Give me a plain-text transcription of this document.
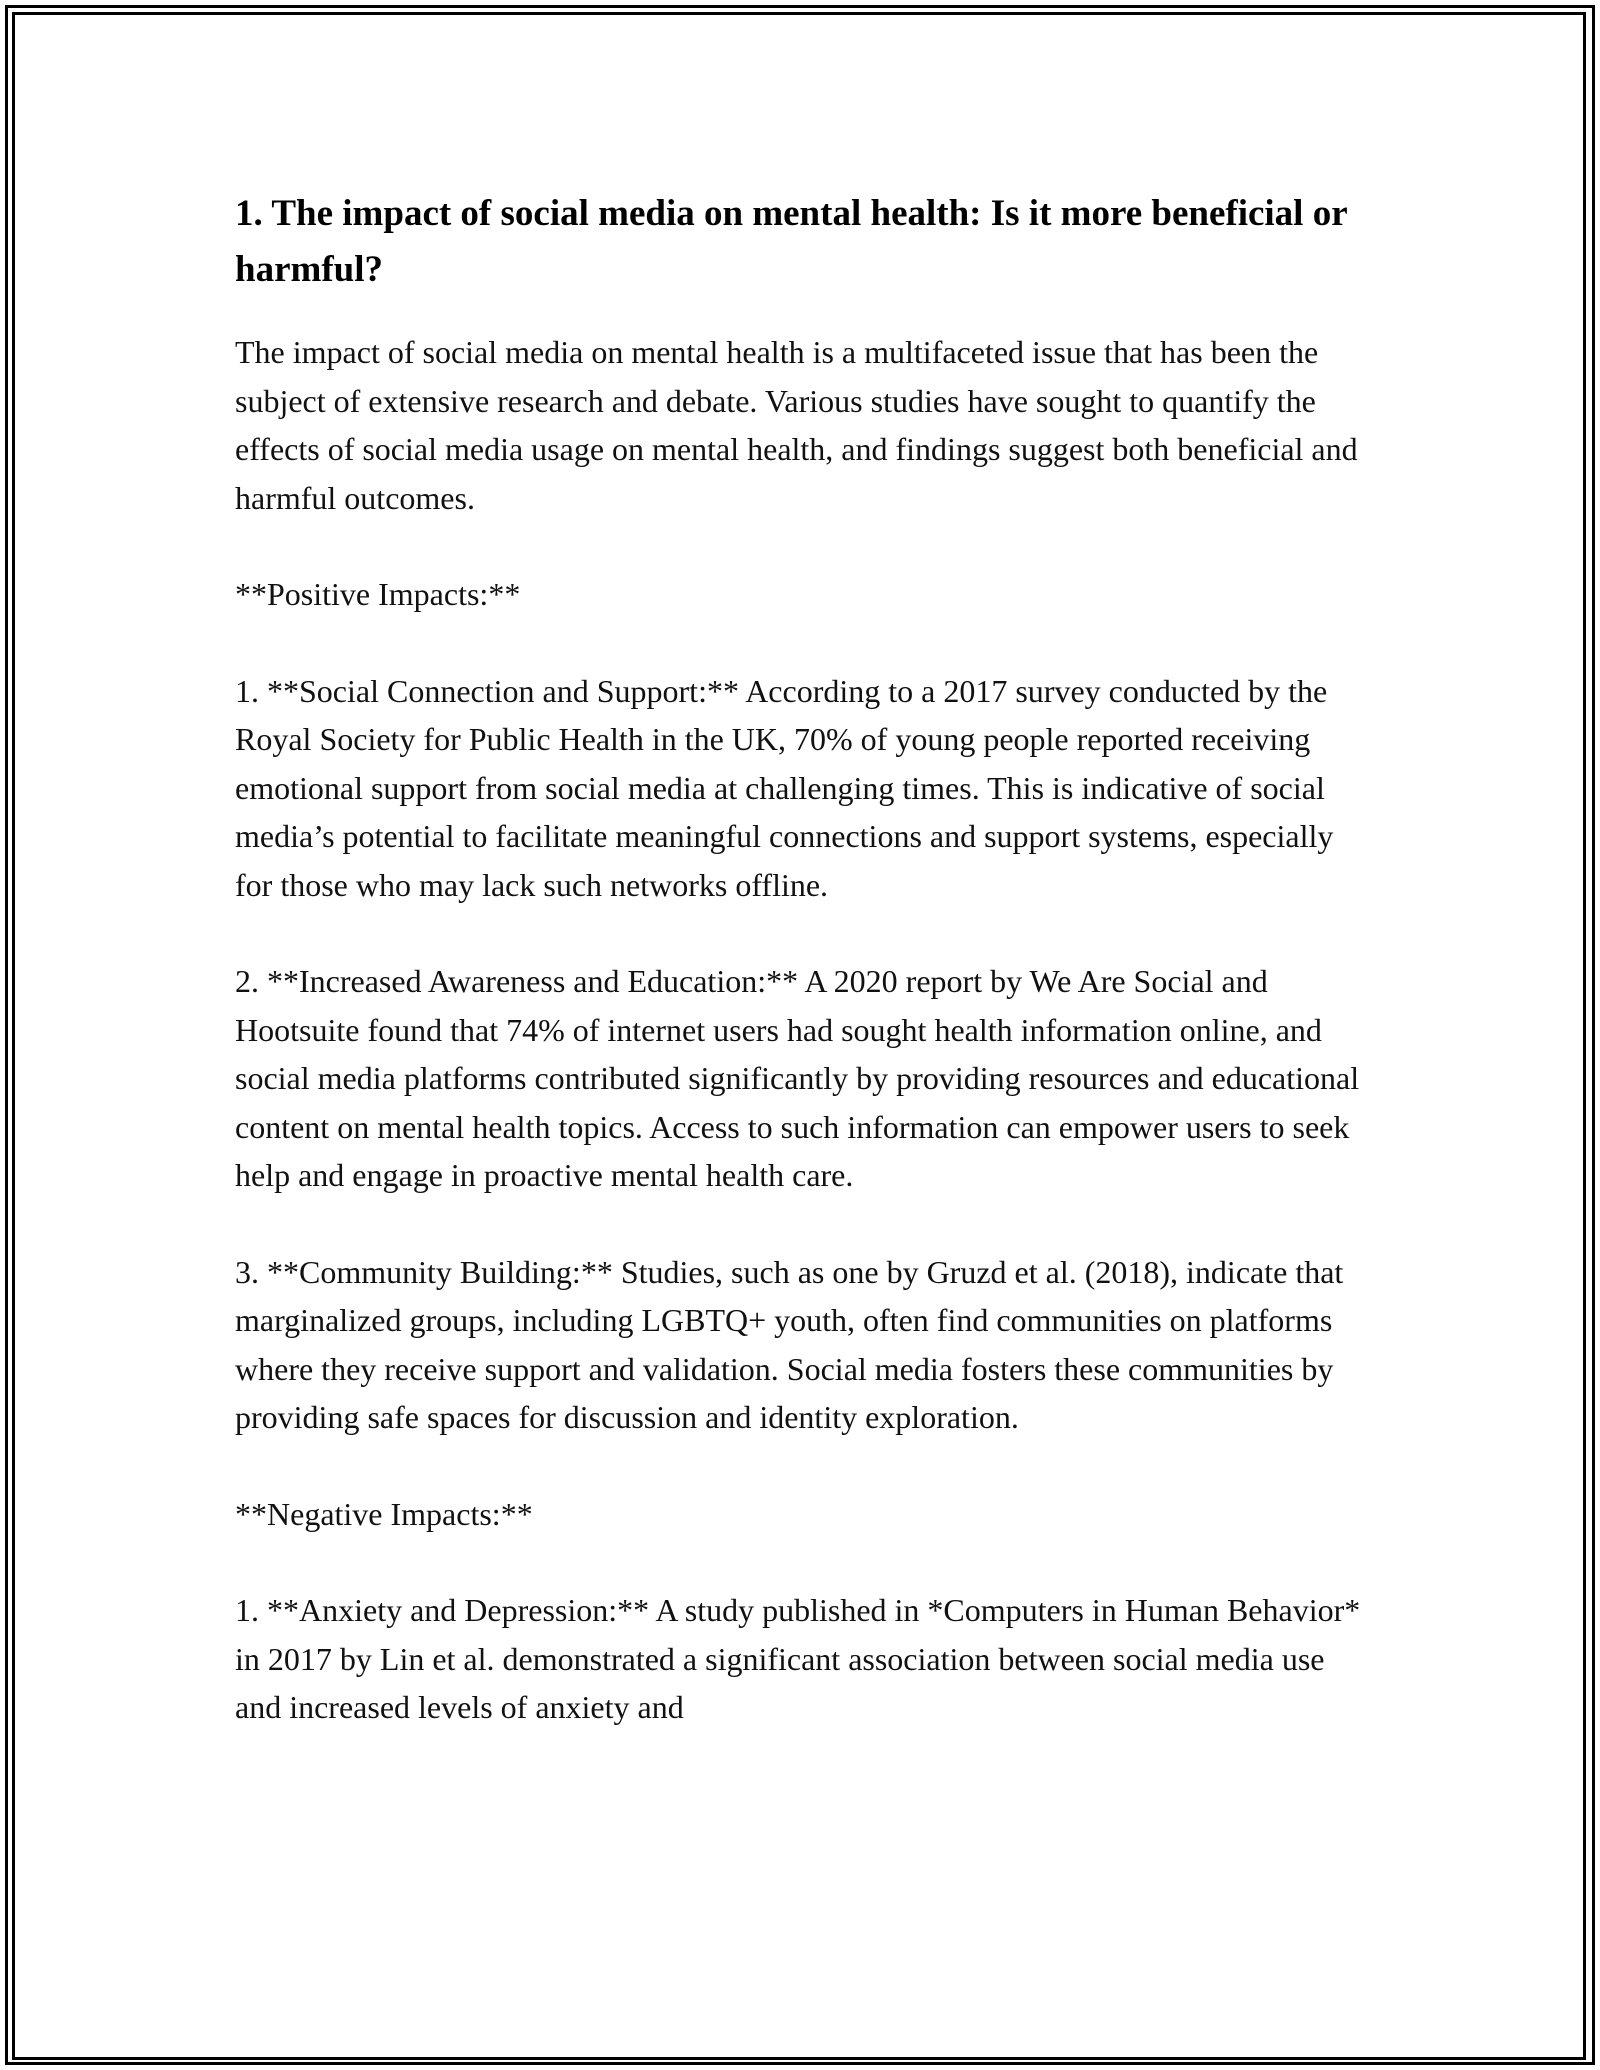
1. The impact of social media on mental health: Is it more beneficial or harmful?

The impact of social media on mental health is a multifaceted issue that has been the subject of extensive research and debate. Various studies have sought to quantify the effects of social media usage on mental health, and findings suggest both beneficial and harmful outcomes.

**Positive Impacts:**

1. **Social Connection and Support:** According to a 2017 survey conducted by the Royal Society for Public Health in the UK, 70% of young people reported receiving emotional support from social media at challenging times. This is indicative of social media’s potential to facilitate meaningful connections and support systems, especially for those who may lack such networks offline.

2. **Increased Awareness and Education:** A 2020 report by We Are Social and Hootsuite found that 74% of internet users had sought health information online, and social media platforms contributed significantly by providing resources and educational content on mental health topics. Access to such information can empower users to seek help and engage in proactive mental health care.

3. **Community Building:** Studies, such as one by Gruzd et al. (2018), indicate that marginalized groups, including LGBTQ+ youth, often find communities on platforms where they receive support and validation. Social media fosters these communities by providing safe spaces for discussion and identity exploration.

**Negative Impacts:**

1. **Anxiety and Depression:** A study published in *Computers in Human Behavior* in 2017 by Lin et al. demonstrated a significant association between social media use and increased levels of anxiety and
